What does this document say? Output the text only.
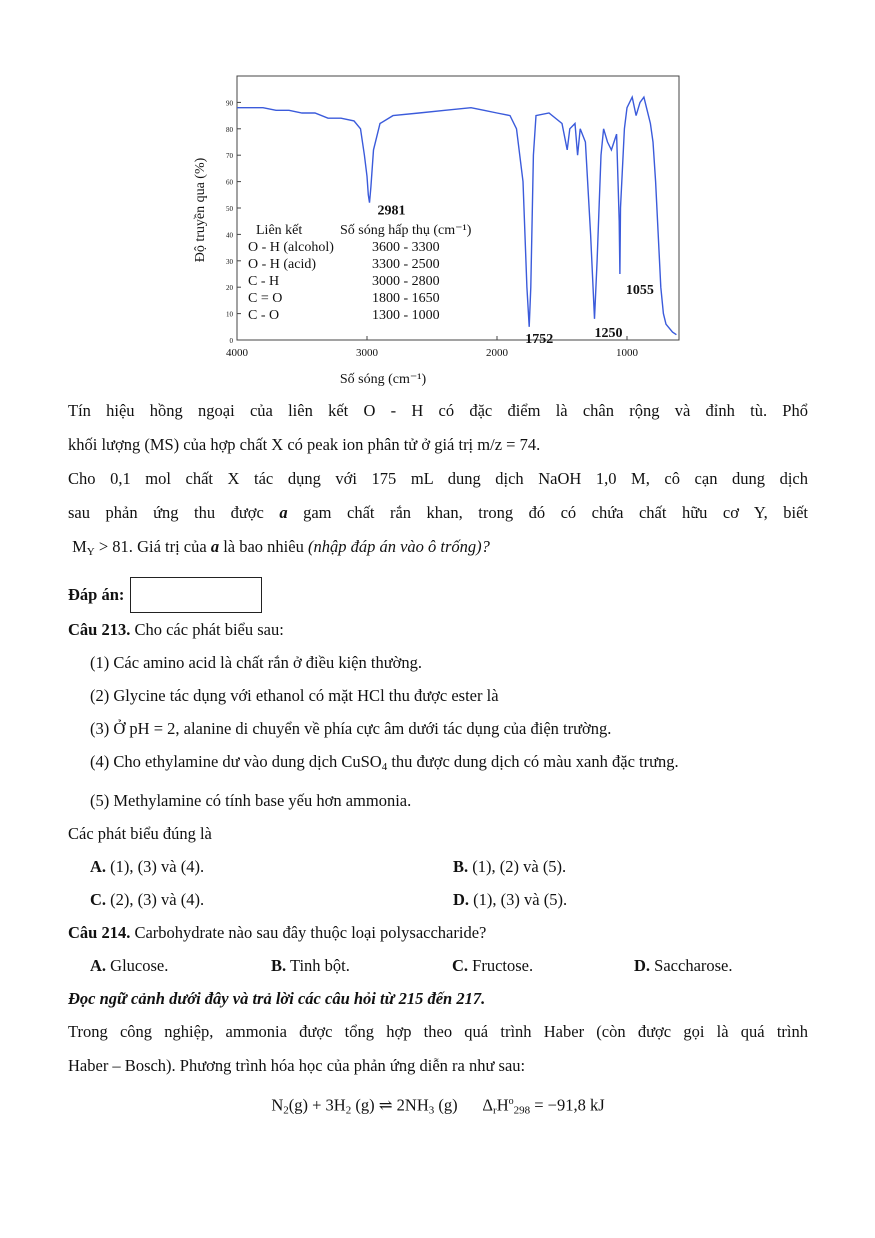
0
10
20
30
40
50
60
70
80
90
4000	3000	2000	1000
2981
1752	1250
1055
Độ truyền qua (%)
Số sóng (cm⁻¹)
Liên kết	Số sóng hấp thụ (cm⁻¹)
O - H (alcohol)	3600 - 3300
O - H (acid)	3300 - 2500
C - H	3000 - 2800
C = O	1800 - 1650
C - O	1300 - 1000

Tín hiệu hồng ngoại của liên kết O - H có đặc điểm là chân rộng và đỉnh tù. Phổ

khối lượng (MS) của hợp chất X có peak ion phân tử ở giá trị m/z = 74.

Cho 0,1 mol chất X tác dụng với 175 mL dung dịch NaOH 1,0 M, cô cạn dung dịch

sau phản ứng thu được a gam chất rắn khan, trong đó có chứa chất hữu cơ Y, biết

$M_Y > 81$. Giá trị của a là bao nhiêu (nhập đáp án vào ô trống)?

Đáp án:

Câu 213. Cho các phát biểu sau:

(1) Các amino acid là chất rắn ở điều kiện thường.

(2) Glycine tác dụng với ethanol có mặt HCl thu được ester là

(3) Ở pH = 2, alanine di chuyển về phía cực âm dưới tác dụng của điện trường.

(4) Cho ethylamine dư vào dung dịch CuSO$_4$ thu được dung dịch có màu xanh đặc trưng.

(5) Methylamine có tính base yếu hơn ammonia.

Các phát biểu đúng là

A. (1), (3) và (4).	B. (1), (2) và (5).
C. (2), (3) và (4).	D. (1), (3) và (5).

Câu 214. Carbohydrate nào sau đây thuộc loại polysaccharide?

A. Glucose.	B. Tinh bột.	C. Fructose.	D. Saccharose.

Đọc ngữ cảnh dưới đây và trả lời các câu hỏi từ 215 đến 217.

Trong công nghiệp, ammonia được tổng hợp theo quá trình Haber (còn được gọi là quá trình

Haber – Bosch). Phương trình hóa học của phản ứng diễn ra như sau:

$N_2(g) + 3H_2$ (g) ⇌ $2NH_3$ (g) $\Delta_rH^o_{298} = -91,8$ kJ
